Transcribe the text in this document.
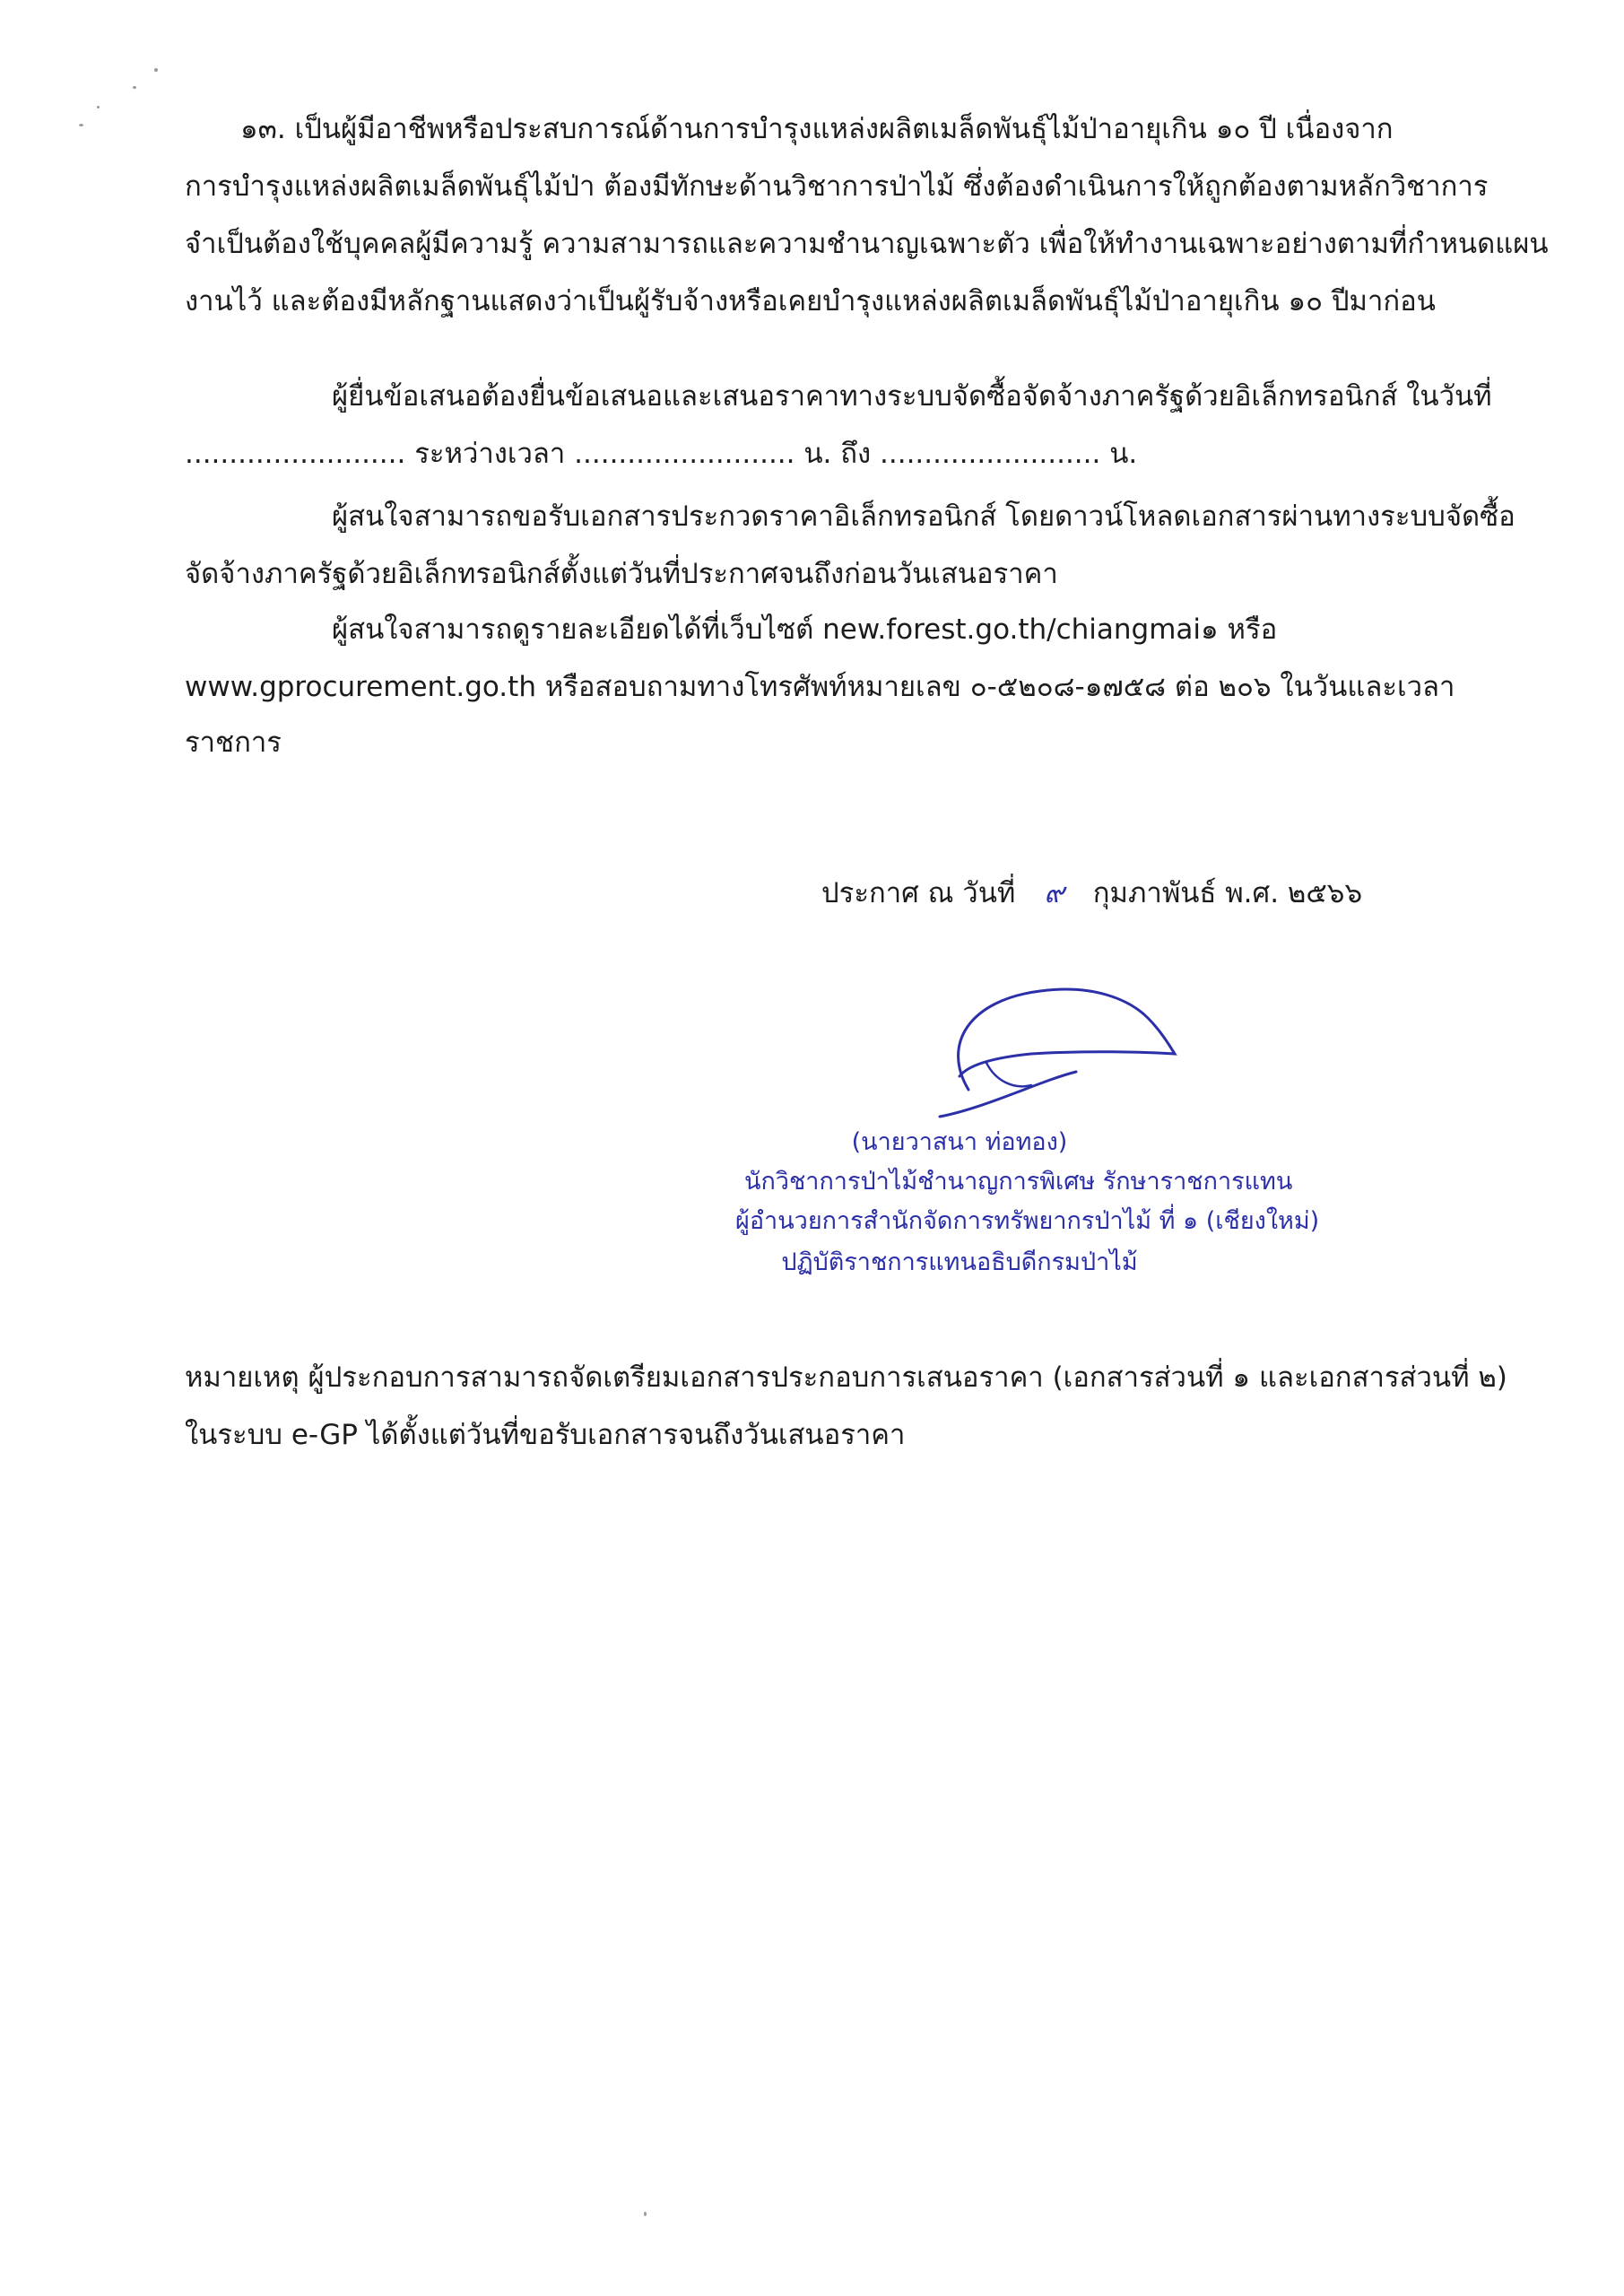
๑๓. เป็นผู้มีอาชีพหรือประสบการณ์ด้านการบำรุงแหล่งผลิตเมล็ดพันธุ์ไม้ป่าอายุเกิน ๑๐ ปี เนื่องจาก
การบำรุงแหล่งผลิตเมล็ดพันธุ์ไม้ป่า ต้องมีทักษะด้านวิชาการป่าไม้ ซึ่งต้องดำเนินการให้ถูกต้องตามหลักวิชาการ
จำเป็นต้องใช้บุคคลผู้มีความรู้ ความสามารถและความชำนาญเฉพาะตัว เพื่อให้ทำงานเฉพาะอย่างตามที่กำหนดแผน
งานไว้ และต้องมีหลักฐานแสดงว่าเป็นผู้รับจ้างหรือเคยบำรุงแหล่งผลิตเมล็ดพันธุ์ไม้ป่าอายุเกิน ๑๐ ปีมาก่อน
ผู้ยื่นข้อเสนอต้องยื่นข้อเสนอและเสนอราคาทางระบบจัดซื้อจัดจ้างภาครัฐด้วยอิเล็กทรอนิกส์ ในวันที่
......................... ระหว่างเวลา ......................... น. ถึง ......................... น.
ผู้สนใจสามารถขอรับเอกสารประกวดราคาอิเล็กทรอนิกส์ โดยดาวน์โหลดเอกสารผ่านทางระบบจัดซื้อ
จัดจ้างภาครัฐด้วยอิเล็กทรอนิกส์ตั้งแต่วันที่ประกาศจนถึงก่อนวันเสนอราคา
ผู้สนใจสามารถดูรายละเอียดได้ที่เว็บไซต์ new.forest.go.th/chiangmai๑ หรือ
www.gprocurement.go.th หรือสอบถามทางโทรศัพท์หมายเลข ๐-๕๒๐๘-๑๗๕๘ ต่อ ๒๐๖ ในวันและเวลา
ราชการ
ประกาศ ณ วันที่ ๙ กุมภาพันธ์ พ.ศ. ๒๕๖๖
(นายวาสนา ท่อทอง)
นักวิชาการป่าไม้ชำนาญการพิเศษ รักษาราชการแทน
ผู้อำนวยการสำนักจัดการทรัพยากรป่าไม้ ที่ ๑ (เชียงใหม่)
ปฏิบัติราชการแทนอธิบดีกรมป่าไม้
หมายเหตุ ผู้ประกอบการสามารถจัดเตรียมเอกสารประกอบการเสนอราคา (เอกสารส่วนที่ ๑ และเอกสารส่วนที่ ๒)
ในระบบ e-GP ได้ตั้งแต่วันที่ขอรับเอกสารจนถึงวันเสนอราคา
